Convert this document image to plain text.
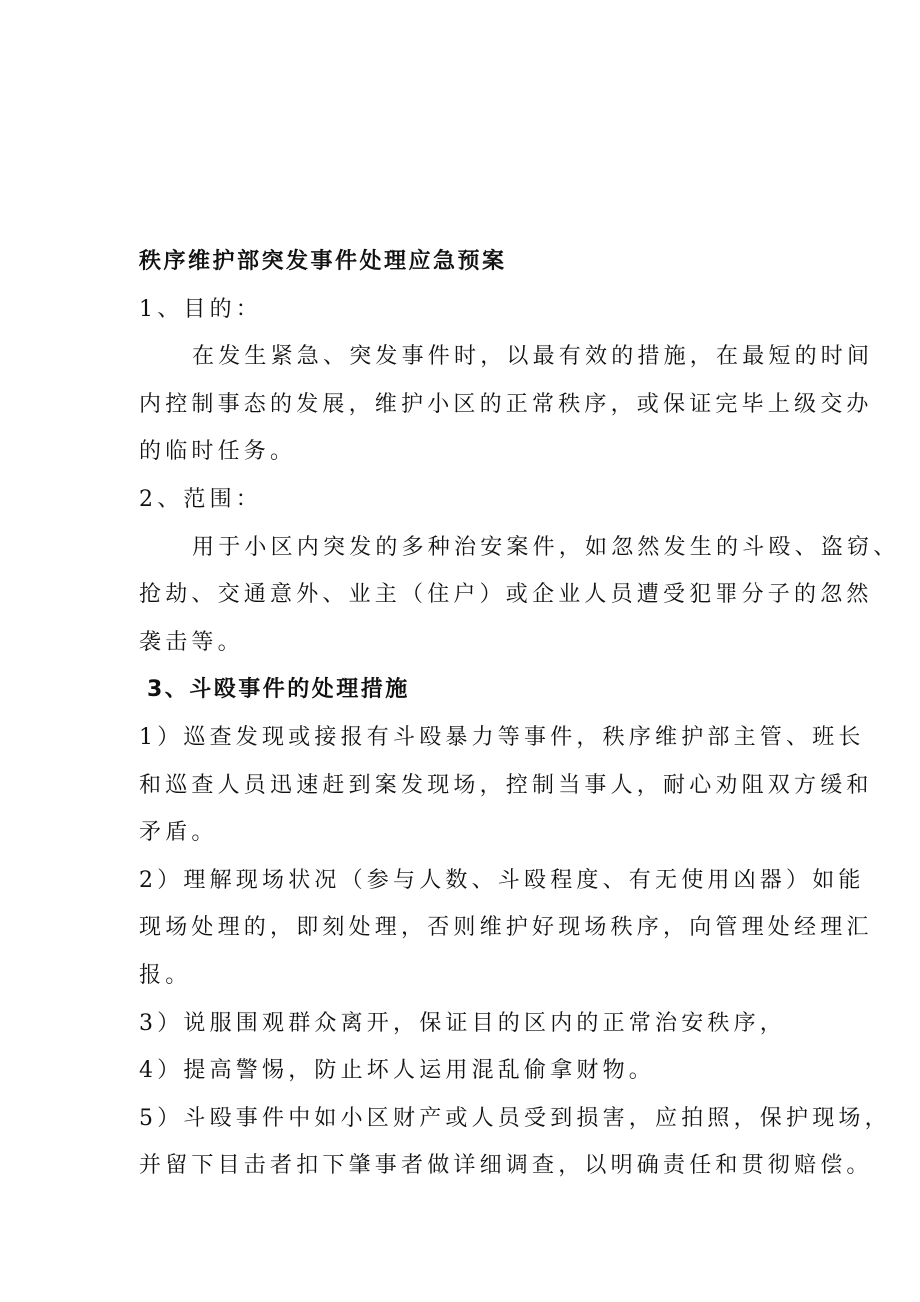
秩序维护部突发事件处理应急预案
1、目的：
在发生紧急、突发事件时，以最有效的措施，在最短的时间
内控制事态的发展，维护小区的正常秩序，或保证完毕上级交办
的临时任务。
2、范围：
用于小区内突发的多种治安案件，如忽然发生的斗殴、盗窃、
抢劫、交通意外、业主（住户）或企业人员遭受犯罪分子的忽然
袭击等。
3、斗殴事件的处理措施
1）巡查发现或接报有斗殴暴力等事件，秩序维护部主管、班长
和巡查人员迅速赶到案发现场，控制当事人，耐心劝阻双方缓和
矛盾。
2）理解现场状况（参与人数、斗殴程度、有无使用凶器）如能
现场处理的，即刻处理，否则维护好现场秩序，向管理处经理汇
报。
3）说服围观群众离开，保证目的区内的正常治安秩序，
4）提高警惕，防止坏人运用混乱偷拿财物。
5）斗殴事件中如小区财产或人员受到损害，应拍照，保护现场，
并留下目击者扣下肇事者做详细调查，以明确责任和贯彻赔偿。
